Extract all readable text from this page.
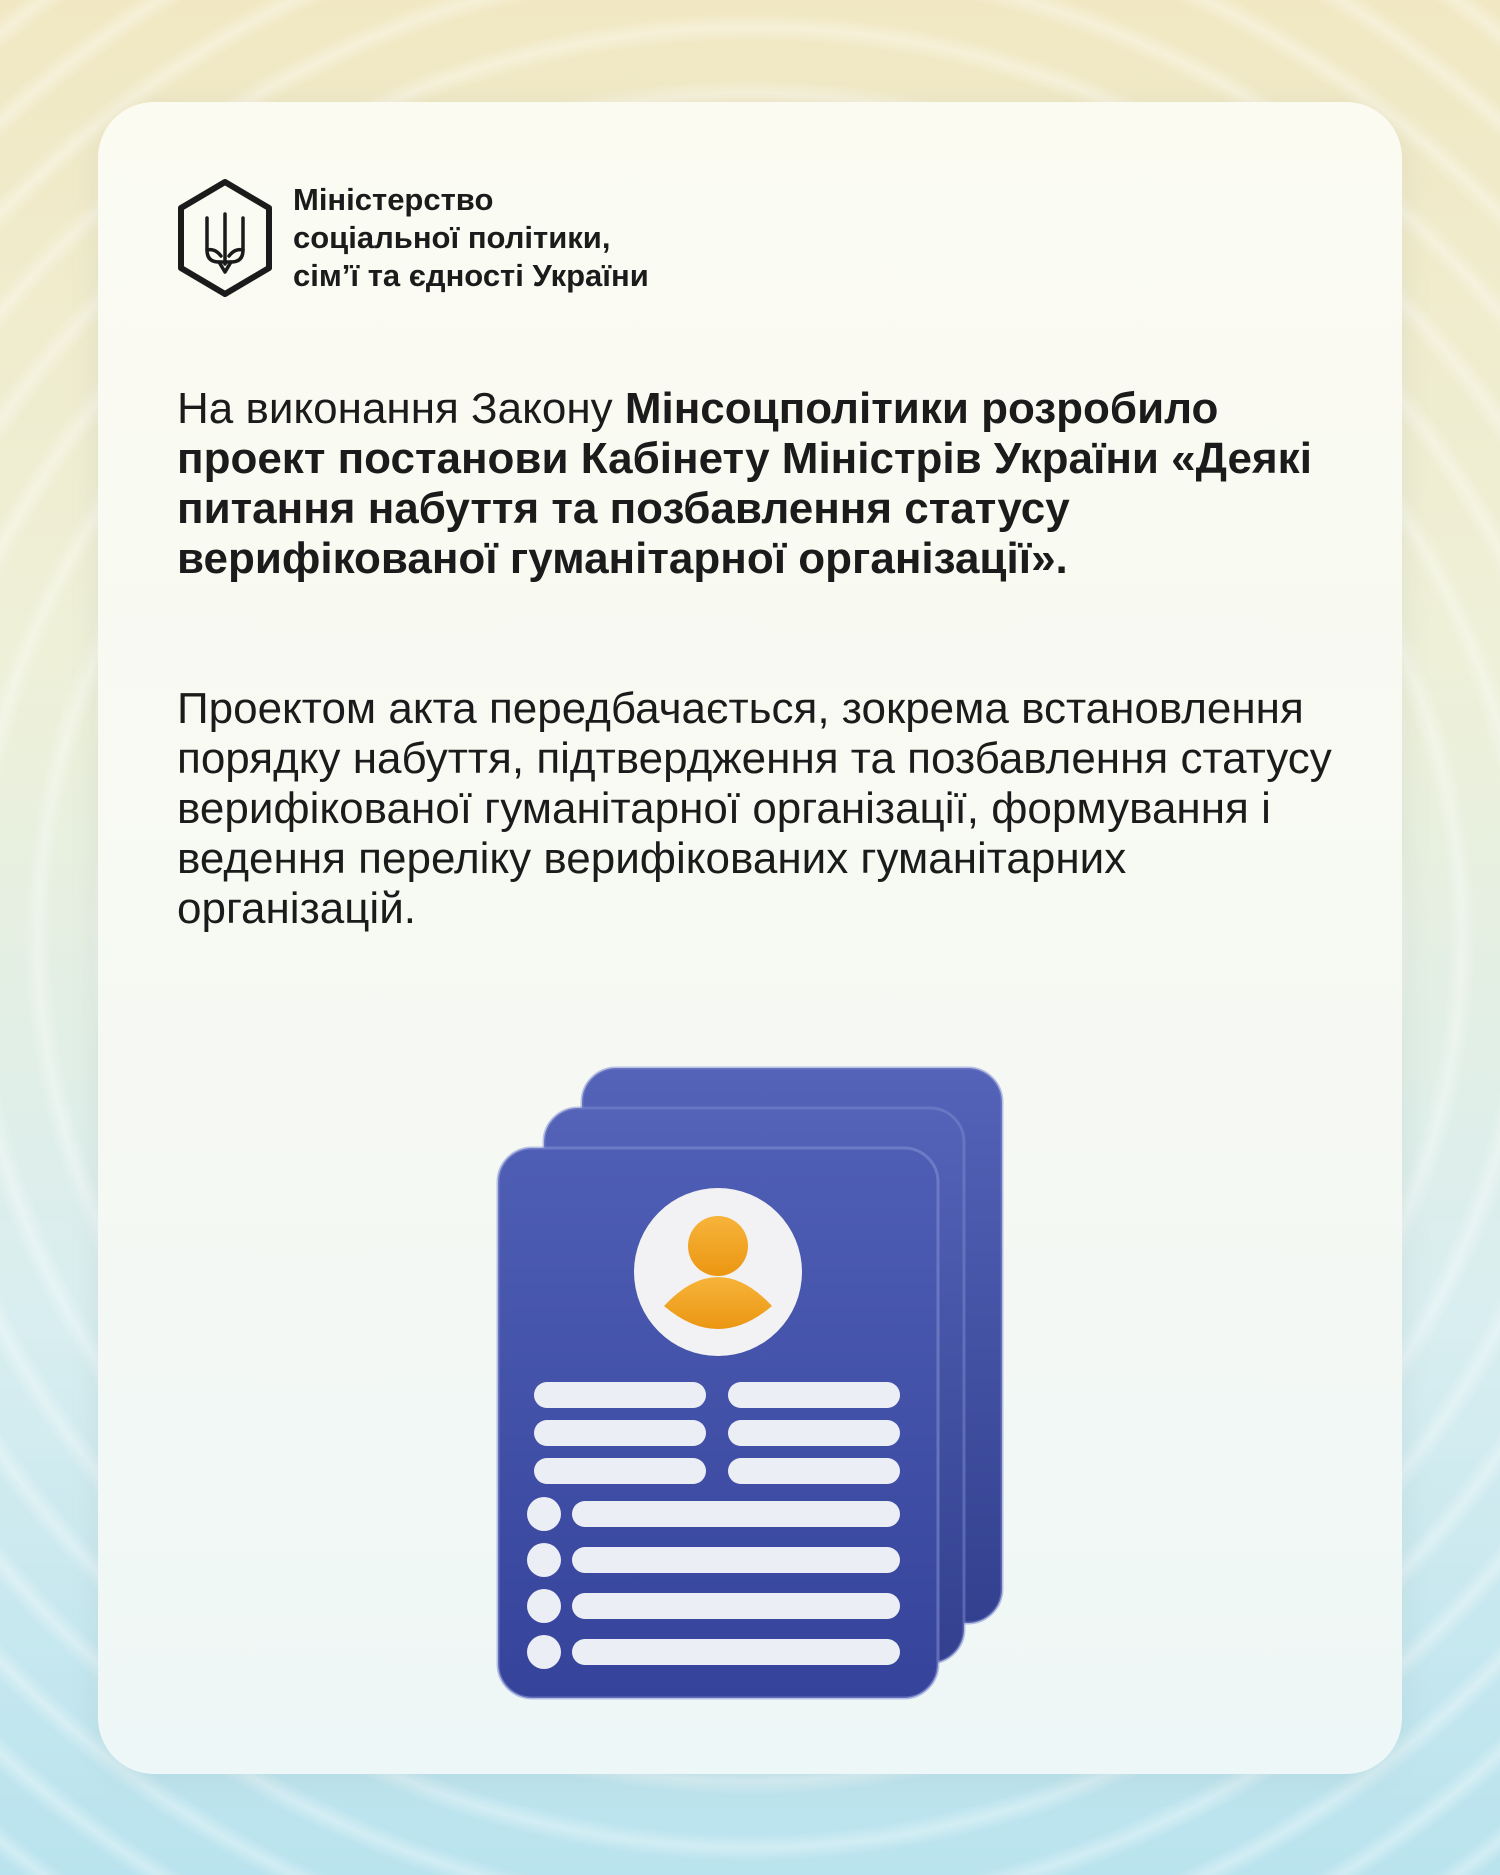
Міністерство
соціальної політики,
сім’ї та єдності України
На виконання Закону Мінсоцполітики розробило проект постанови Кабінету Міністрів України «Деякі питання набуття та позбавлення статусу верифікованої гуманітарної організації».
Проектом акта передбачається, зокрема встановлення порядку набуття, підтвердження та позбавлення статусу верифікованої гуманітарної організації, формування і ведення переліку верифікованих гуманітарних організацій.
